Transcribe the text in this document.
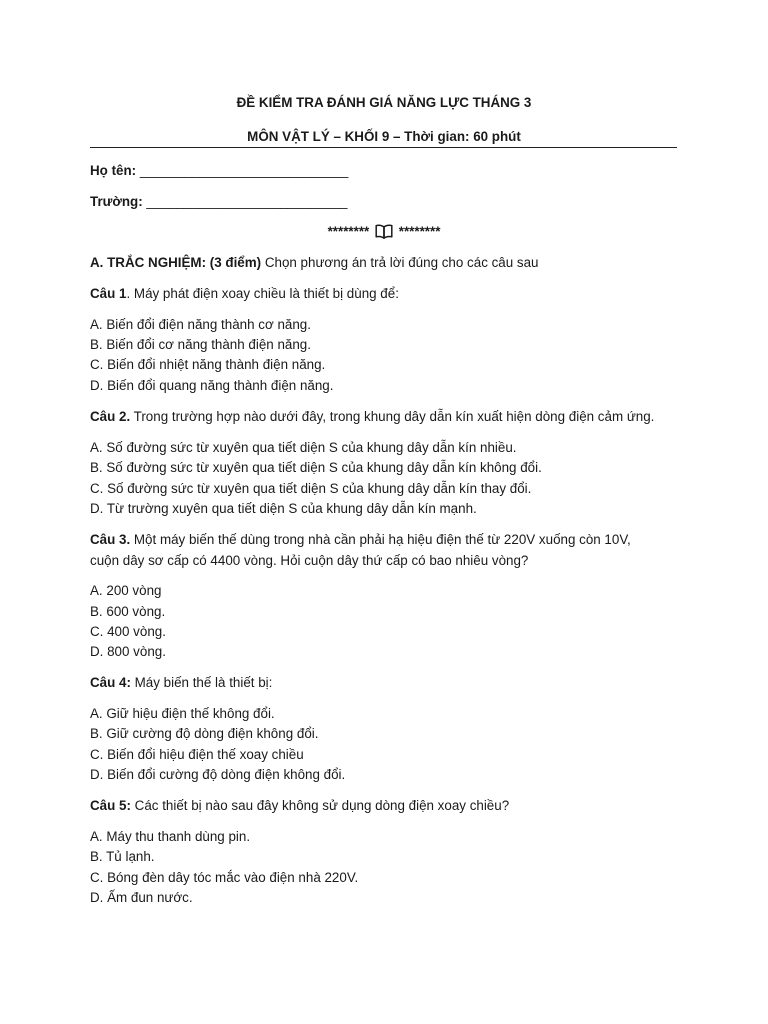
ĐỀ KIỂM TRA ĐÁNH GIÁ NĂNG LỰC THÁNG 3
MÔN VẬT LÝ – KHỐI 9 – Thời gian: 60 phút
Họ tên: ____________________________
Trường: ___________________________
******** ********
A. TRẮC NGHIỆM: (3 điểm) Chọn phương án trả lời đúng cho các câu sau
Câu 1. Máy phát điện xoay chiều là thiết bị dùng để:
A. Biến đổi điện năng thành cơ năng.
B. Biến đổi cơ năng thành điện năng.
C. Biến đổi nhiệt năng thành điện năng.
D. Biến đổi quang năng thành điện năng.
Câu 2. Trong trường hợp nào dưới đây, trong khung dây dẫn kín xuất hiện dòng điện cảm ứng.
A. Số đường sức từ xuyên qua tiết diện S của khung dây dẫn kín nhiều.
B. Số đường sức từ xuyên qua tiết diện S của khung dây dẫn kín không đổi.
C. Số đường sức từ xuyên qua tiết diện S của khung dây dẫn kín thay đổi.
D. Từ trường xuyên qua tiết diện S của khung dây dẫn kín mạnh.
Câu 3. Một máy biến thế dùng trong nhà cần phải hạ hiệu điện thế từ 220V xuống còn 10V,
cuộn dây sơ cấp có 4400 vòng. Hỏi cuộn dây thứ cấp có bao nhiêu vòng?
A. 200 vòng
B. 600 vòng.
C. 400 vòng.
D. 800 vòng.
Câu 4: Máy biến thế là thiết bị:
A. Giữ hiệu điện thế không đổi.
B. Giữ cường độ dòng điện không đổi.
C. Biến đổi hiệu điện thế xoay chiều
D. Biến đổi cường độ dòng điện không đổi.
Câu 5: Các thiết bị nào sau đây không sử dụng dòng điện xoay chiều?
A. Máy thu thanh dùng pin.
B. Tủ lạnh.
C. Bóng đèn dây tóc mắc vào điện nhà 220V.
D. Ấm đun nước.
